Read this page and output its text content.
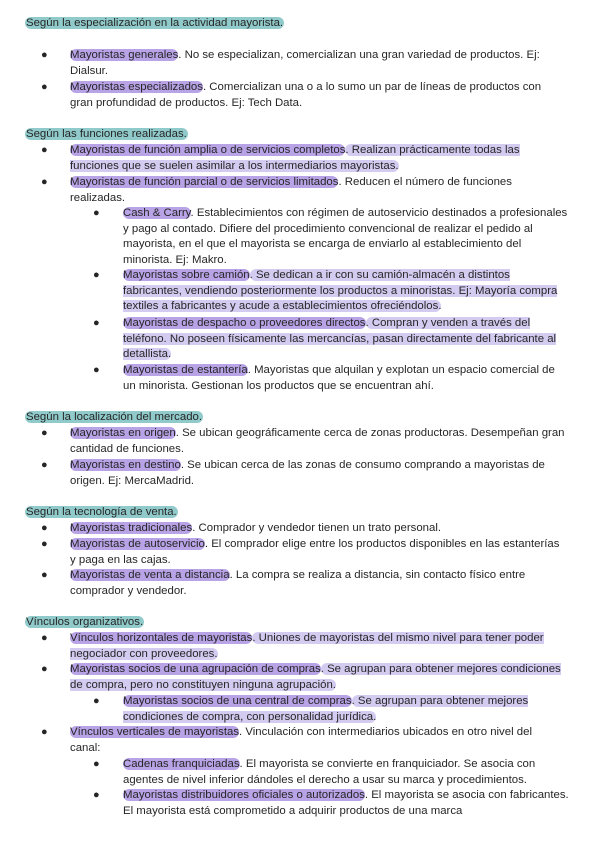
Según la especialización en la actividad mayorista.

● Mayoristas generales. No se especializan, comercializan una gran variedad de productos. Ej: Dialsur.

● Mayoristas especializados. Comercializan una o a lo sumo un par de líneas de productos con gran profundidad de productos. Ej: Tech Data.

Según las funciones realizadas.

● Mayoristas de función amplia o de servicios completos. Realizan prácticamente todas las funciones que se suelen asimilar a los intermediarios mayoristas.

● Mayoristas de función parcial o de servicios limitados. Reducen el número de funciones realizadas.

● Cash & Carry. Establecimientos con régimen de autoservicio destinados a profesionales y pago al contado. Difiere del procedimiento convencional de realizar el pedido al mayorista, en el que el mayorista se encarga de enviarlo al establecimiento del minorista. Ej: Makro.

● Mayoristas sobre camión. Se dedican a ir con su camión-almacén a distintos fabricantes, vendiendo posteriormente los productos a minoristas. Ej: Mayoría compra textiles a fabricantes y acude a establecimientos ofreciéndolos.

● Mayoristas de despacho o proveedores directos. Compran y venden a través del teléfono. No poseen físicamente las mercancías, pasan directamente del fabricante al detallista.

● Mayoristas de estantería. Mayoristas que alquilan y explotan un espacio comercial de un minorista. Gestionan los productos que se encuentran ahí.

Según la localización del mercado.

● Mayoristas en origen. Se ubican geográficamente cerca de zonas productoras. Desempeñan gran cantidad de funciones.

● Mayoristas en destino. Se ubican cerca de las zonas de consumo comprando a mayoristas de origen. Ej: MercaMadrid.

Según la tecnología de venta.

● Mayoristas tradicionales. Comprador y vendedor tienen un trato personal.

● Mayoristas de autoservicio. El comprador elige entre los productos disponibles en las estanterías y paga en las cajas.

● Mayoristas de venta a distancia. La compra se realiza a distancia, sin contacto físico entre comprador y vendedor.

Vínculos organizativos.

● Vínculos horizontales de mayoristas. Uniones de mayoristas del mismo nivel para tener poder negociador con proveedores.

● Mayoristas socios de una agrupación de compras. Se agrupan para obtener mejores condiciones de compra, pero no constituyen ninguna agrupación.

● Mayoristas socios de una central de compras. Se agrupan para obtener mejores condiciones de compra, con personalidad jurídica.

● Vínculos verticales de mayoristas. Vinculación con intermediarios ubicados en otro nivel del canal:

● Cadenas franquiciadas. El mayorista se convierte en franquiciador. Se asocia con agentes de nivel inferior dándoles el derecho a usar su marca y procedimientos.

● Mayoristas distribuidores oficiales o autorizados. El mayorista se asocia con fabricantes. El mayorista está comprometido a adquirir productos de una marca
